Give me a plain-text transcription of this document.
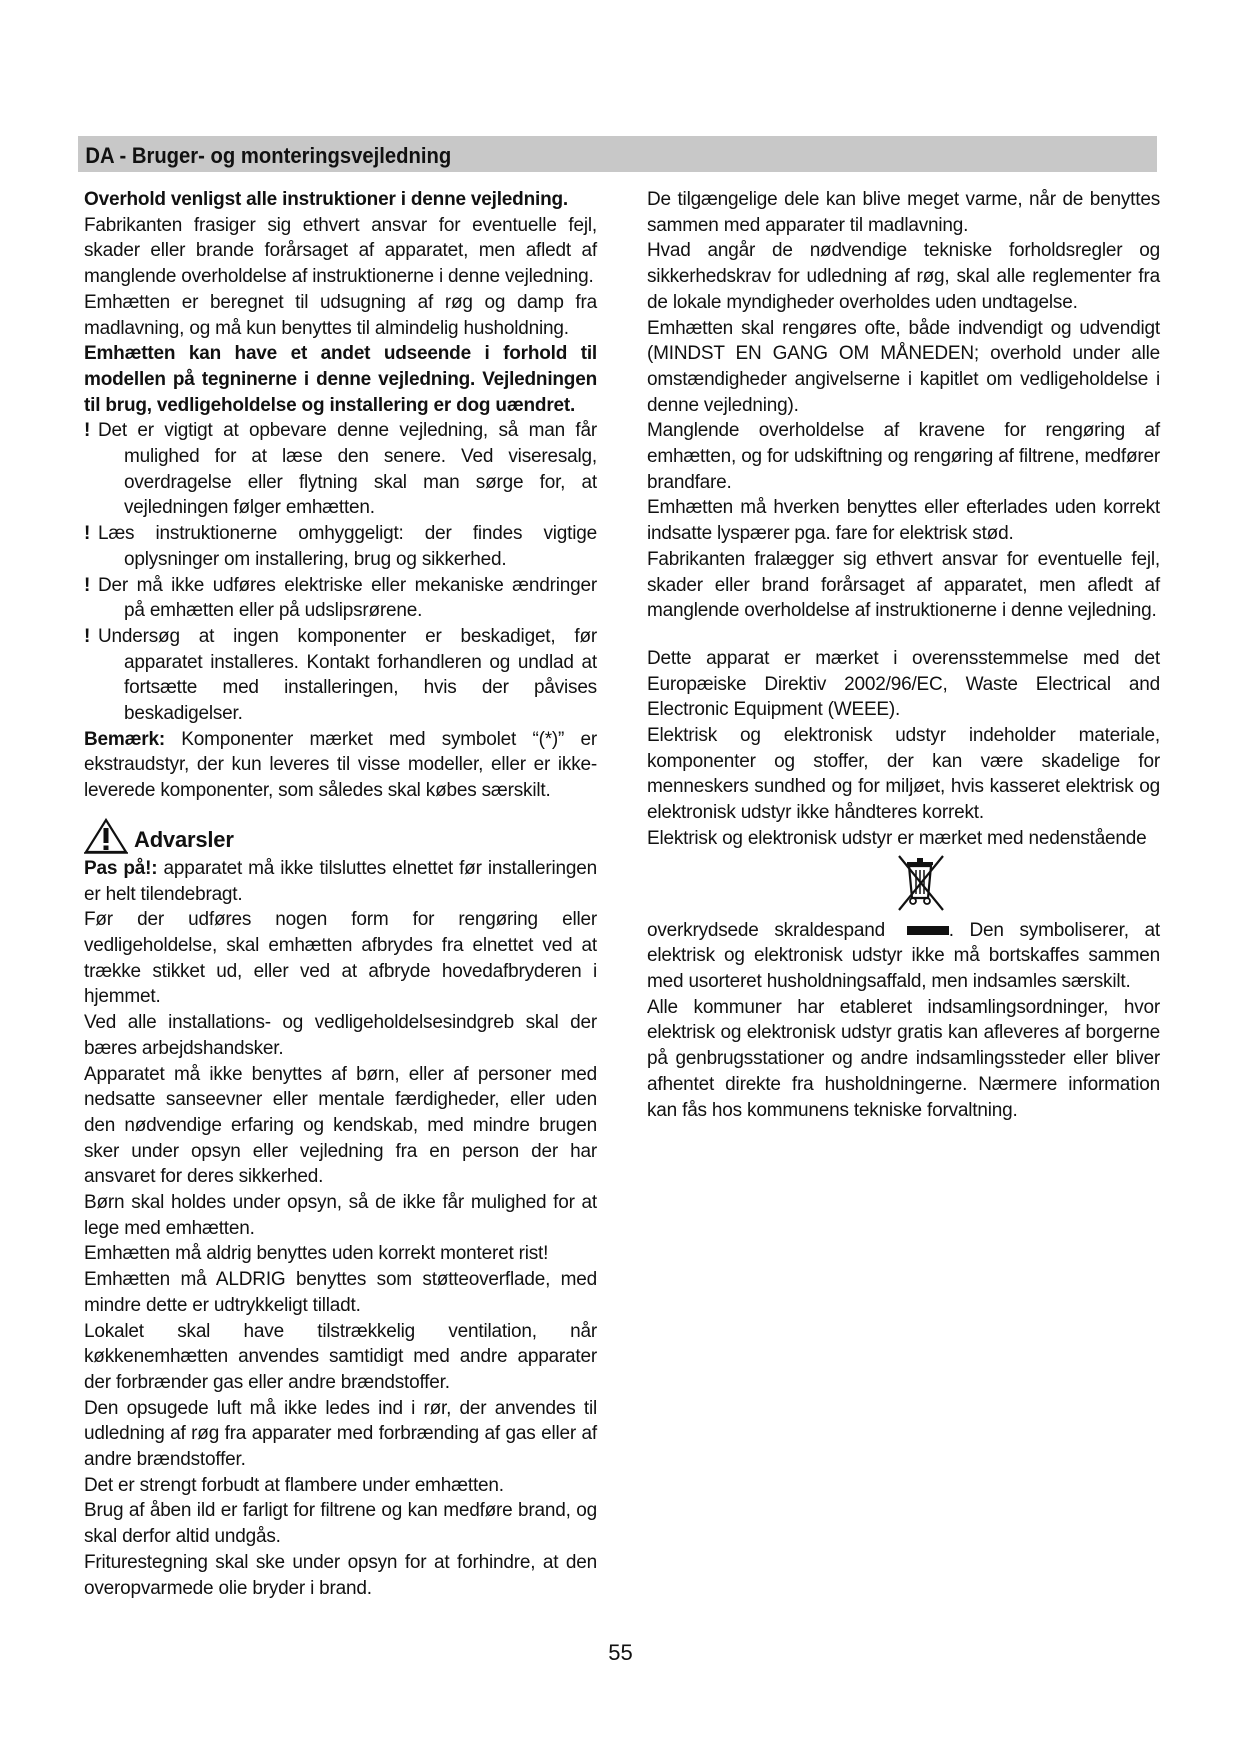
DA - Bruger- og monteringsvejledning

Overhold venligst alle instruktioner i denne vejledning.

Fabrikanten frasiger sig ethvert ansvar for eventuelle fejl, skader eller brande forårsaget af apparatet, men afledt af manglende overholdelse af instruktionerne i denne vejledning.

Emhætten er beregnet til udsugning af røg og damp fra madlavning, og må kun benyttes til almindelig husholdning.

Emhætten kan have et andet udseende i forhold til modellen på tegninerne i denne vejledning. Vejledningen til brug, vedligeholdelse og installering er dog uændret.

! Det er vigtigt at opbevare denne vejledning, så man får mulighed for at læse den senere. Ved viseresalg, overdragelse eller flytning skal man sørge for, at vejledningen følger emhætten.

! Læs instruktionerne omhyggeligt: der findes vigtige oplysninger om installering, brug og sikkerhed.

! Der må ikke udføres elektriske eller mekaniske ændringer på emhætten eller på udslipsrørene.

! Undersøg at ingen komponenter er beskadiget, før apparatet installeres. Kontakt forhandleren og undlad at fortsætte med installeringen, hvis der påvises beskadigelser.

Bemærk: Komponenter mærket med symbolet “(*)” er ekstraudstyr, der kun leveres til visse modeller, eller er ikke-leverede komponenter, som således skal købes særskilt.

Advarsler

Pas på!: apparatet må ikke tilsluttes elnettet før installeringen er helt tilendebragt.

Før der udføres nogen form for rengøring eller vedligeholdelse, skal emhætten afbrydes fra elnettet ved at trække stikket ud, eller ved at afbryde hovedafbryderen i hjemmet.

Ved alle installations- og vedligeholdelsesindgreb skal der bæres arbejdshandsker.

Apparatet må ikke benyttes af børn, eller af personer med nedsatte sanseevner eller mentale færdigheder, eller uden den nødvendige erfaring og kendskab, med mindre brugen sker under opsyn eller vejledning fra en person der har ansvaret for deres sikkerhed.

Børn skal holdes under opsyn, så de ikke får mulighed for at lege med emhætten.

Emhætten må aldrig benyttes uden korrekt monteret rist!

Emhætten må ALDRIG benyttes som støtteoverflade, med mindre dette er udtrykkeligt tilladt.

Lokalet skal have tilstrækkelig ventilation, når køkkenemhætten anvendes samtidigt med andre apparater der forbrænder gas eller andre brændstoffer.

Den opsugede luft må ikke ledes ind i rør, der anvendes til udledning af røg fra apparater med forbrænding af gas eller af andre brændstoffer.

Det er strengt forbudt at flambere under emhætten.

Brug af åben ild er farligt for filtrene og kan medføre brand, og skal derfor altid undgås.

Friturestegning skal ske under opsyn for at forhindre, at den overopvarmede olie bryder i brand.

De tilgængelige dele kan blive meget varme, når de benyttes sammen med apparater til madlavning.

Hvad angår de nødvendige tekniske forholdsregler og sikkerhedskrav for udledning af røg, skal alle reglementer fra de lokale myndigheder overholdes uden undtagelse.

Emhætten skal rengøres ofte, både indvendigt og udvendigt (MINDST EN GANG OM MÅNEDEN; overhold under alle omstændigheder angivelserne i kapitlet om vedligeholdelse i denne vejledning).

Manglende overholdelse af kravene for rengøring af emhætten, og for udskiftning og rengøring af filtrene, medfører brandfare.

Emhætten må hverken benyttes eller efterlades uden korrekt indsatte lyspærer pga. fare for elektrisk stød.

Fabrikanten fralægger sig ethvert ansvar for eventuelle fejl, skader eller brand forårsaget af apparatet, men afledt af manglende overholdelse af instruktionerne i denne vejledning.

Dette apparat er mærket i overensstemmelse med det Europæiske Direktiv 2002/96/EC, Waste Electrical and Electronic Equipment (WEEE).

Elektrisk og elektronisk udstyr indeholder materiale, komponenter og stoffer, der kan være skadelige for menneskers sundhed og for miljøet, hvis kasseret elektrisk og elektronisk udstyr ikke håndteres korrekt.

Elektrisk og elektronisk udstyr er mærket med nedenstående

overkrydsede skraldespand	. Den symboliserer, at elektrisk og elektronisk udstyr ikke må bortskaffes sammen med usorteret husholdningsaffald, men indsamles særskilt.

Alle kommuner har etableret indsamlingsordninger, hvor elektrisk og elektronisk udstyr gratis kan afleveres af borgerne på genbrugsstationer og andre indsamlingssteder eller bliver afhentet direkte fra husholdningerne. Nærmere information kan fås hos kommunens tekniske forvaltning.

55
